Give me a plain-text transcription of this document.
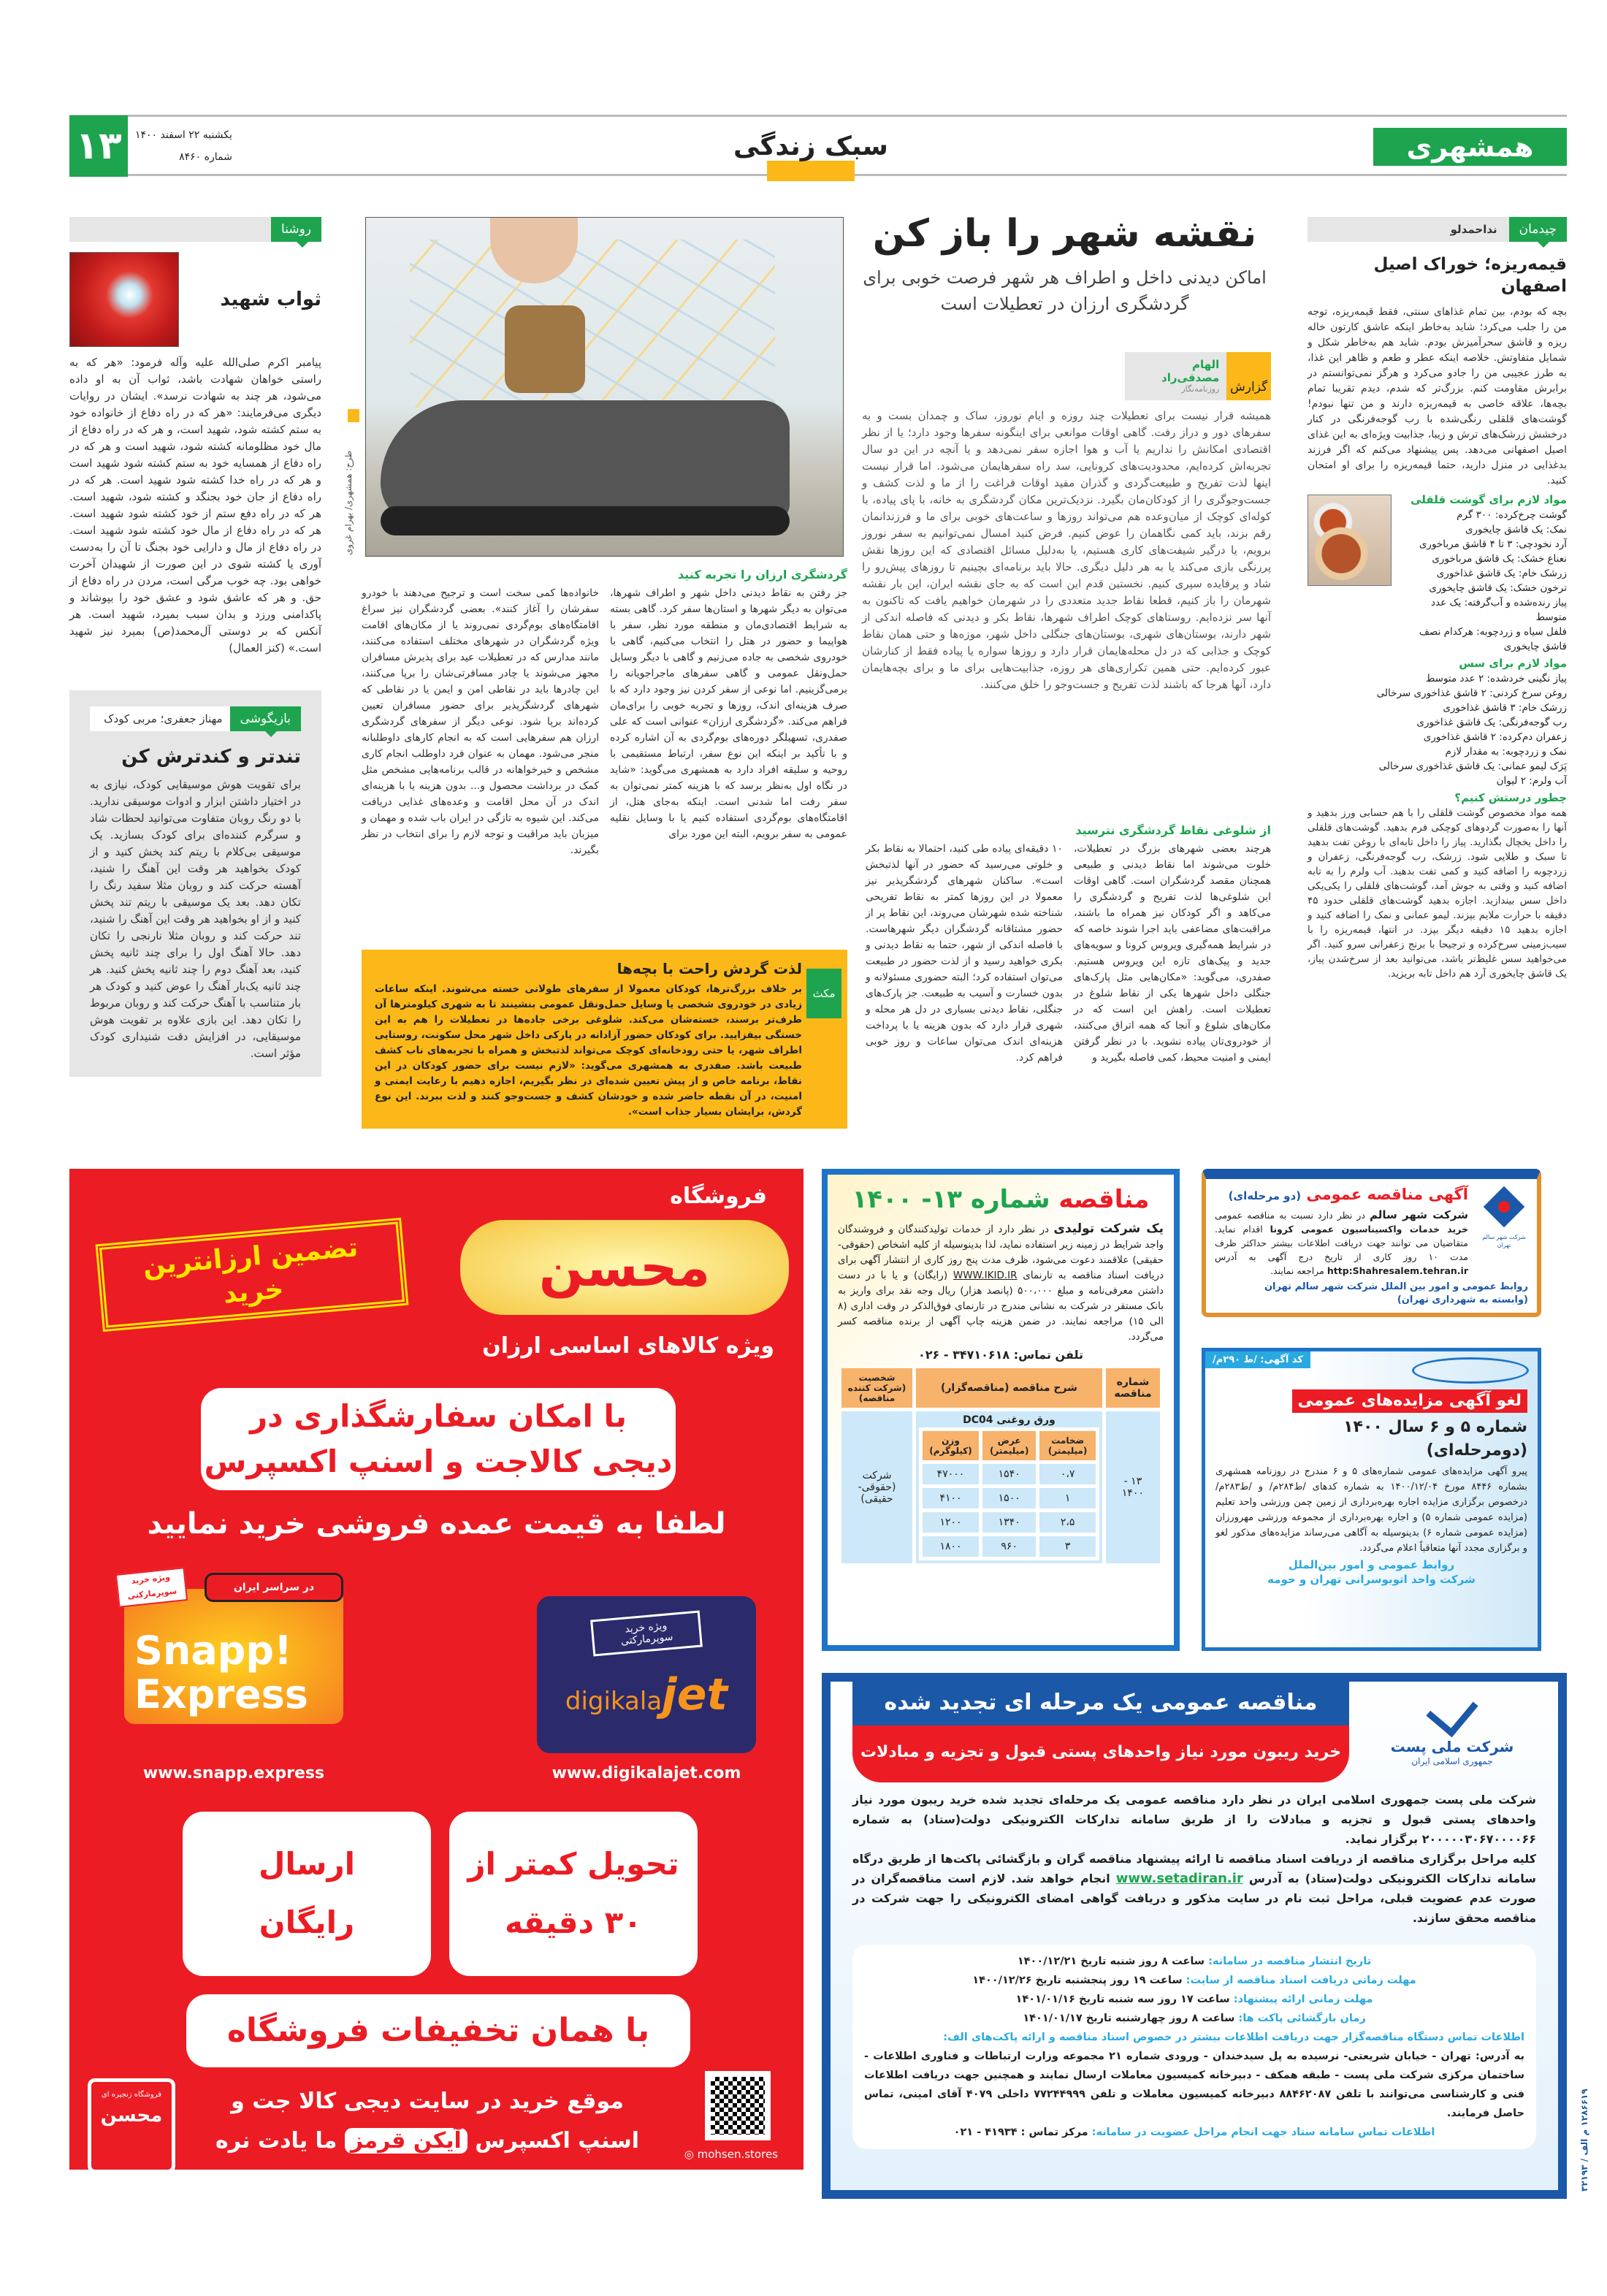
۱۳	یکشنبه ۲۲ اسفند ۱۴۰۰
شماره ۸۴۶۰	سبک زندگی	همشهری
روشنا
ثواب شهید
پیامبر اکرم صلی‌الله علیه وآله فرمود: «هر که به راستی خواهان شهادت باشد، ثواب آن به او داده می‌شود، هر چند به شهادت نرسد». ایشان در روایات دیگری می‌فرمایند: «هر که در راه دفاع از خانواده خود به ستم کشته شود، شهید است، و هر که در راه دفاع از مال خود مظلومانه کشته شود، شهید است و هر که در راه دفاع از همسایه خود به ستم کشته شود شهید است و هر که در راه خدا کشته شود شهید است. هر که در راه دفاع از جان خود بجنگد و کشته شود، شهید است. هر که در راه دفع ستم از خود کشته شود شهید است. هر که در راه دفاع از مال خود کشته شود شهید است. در راه دفاع از مال و دارایی خود بجنگ تا آن را به‌دست آوری یا کشته شوی در این صورت از شهیدان آخرت خواهی بود. چه خوب مرگی است، مردن در راه دفاع از حق. و هر که عاشق شود و عشق خود را بپوشاند و پاکدامنی ورزد و بدان سبب بمیرد، شهید است. هر آنکس که بر دوستی آل‌محمد(ص) بمیرد نیز شهید است.» (کنز العمال)
بازیگوشی
مهناز جعفری؛ مربی کودک
تندتر و کندترش کن
برای تقویت هوش موسیقایی کودک، نیازی به در اختیار داشتن ابزار و ادوات موسیقی ندارید. با دو رنگ روبان متفاوت می‌توانید لحظات شاد و سرگرم کننده‌ای برای کودک بسازید. یک موسیقی بی‌کلام با ریتم کند پخش کنید و از کودک بخواهید هر وقت این آهنگ را شنید، آهسته حرکت کند و روبان مثلا سفید رنگ را تکان دهد. بعد یک موسیقی با ریتم تند پخش کنید و از او بخواهید هر وقت این آهنگ را شنید، تند حرکت کند و روبان مثلا نارنجی را تکان دهد. حالا آهنگ اول را برای چند ثانیه پخش کنید، بعد آهنگ دوم را چند ثانیه پخش کنید. هر چند ثانیه یک‌بار آهنگ را عوض کنید و کودک هر بار متناسب با آهنگ حرکت کند و روبان مربوط را تکان دهد. این بازی علاوه بر تقویت هوش موسیقایی، در افزایش دقت شنیداری کودک مؤثر است.
طرح: همشهری/ بهرام غروی
نقشه شهر را باز کن
اماکن دیدنی داخل و اطراف هر شهر فرصت خوبی برای گردشگری ارزان در تعطیلات است
گزارش
الهام مصدقی‌راد
روزنامه‌نگار
همیشه قرار نیست برای تعطیلات چند روزه و ایام نوروز، ساک و چمدان بست و به سفرهای دور و دراز رفت. گاهی اوقات موانعی برای اینگونه سفرها وجود دارد؛ یا از نظر اقتصادی امکانش را نداریم یا آب و هوا اجازه سفر نمی‌دهد و یا آنچه در این دو سال تجربه‌اش کرده‌ایم، محدودیت‌های کرونایی، سد راه سفرهایمان می‌شود. اما قرار نیست اینها لذت تفریح و طبیعت‌گردی و گذران مفید اوقات فراغت را از ما و لذت کشف و جست‌وجوگری را از کودکان‌مان بگیرد. نزدیک‌ترین مکان گردشگری به خانه، با پای پیاده، با کوله‌ای کوچک از میان‌وعده هم می‌تواند روزها و ساعت‌های خوبی برای ما و فرزندانمان رقم بزند، باید کمی نگاهمان را عوض کنیم. فرض کنید امسال نمی‌توانیم به سفر نوروز برویم، یا درگیر شیفت‌های کاری هستیم، یا به‌دلیل مسائل اقتصادی که این روزها نقش پررنگی بازی می‌کند یا به هر دلیل دیگری. حالا باید برنامه‌ای بچینیم تا روزهای پیش‌رو را شاد و پرفایده سپری کنیم. نخستین قدم این است که به جای نقشه ایران، این بار نقشه شهرمان را باز کنیم، قطعا نقاط جدید متعددی را در شهرمان خواهیم یافت که تاکنون به آنها سر نزده‌ایم. روستاهای کوچک اطراف شهرها، نقاط بکر و دیدنی که فاصله اندکی از شهر دارند، بوستان‌های شهری، بوستان‌های جنگلی داخل شهر، موزه‌ها و حتی همان نقاط کوچک و جذابی که در دل محله‌هایمان قرار دارد و روزها سواره یا پیاده فقط از کنارشان عبور کرده‌ایم. حتی همین تکراری‌های هر روزه، جذابیت‌هایی برای ما و برای بچه‌هایمان دارد، آنها هرجا که باشند لذت تفریح و جست‌وجو را خلق می‌کنند.
گردشگری ارزان را تجربه کنید
جز رفتن به نقاط دیدنی داخل شهر و اطراف شهرها، می‌توان به دیگر شهرها و استان‌ها سفر کرد. گاهی بسته به شرایط اقتصادی‌مان و منطقه مورد نظر، سفر با هواپیما و حضور در هتل را انتخاب می‌کنیم، گاهی با خودروی شخصی به جاده می‌زنیم و گاهی با دیگر وسایل حمل‌ونقل عمومی و گاهی سفرهای ماجراجویانه را برمی‌گزینیم. اما نوعی از سفر کردن نیز وجود دارد که با صرف هزینه‌ای اندک، روزها و تجربه خوبی را برای‌مان فراهم می‌کند. «گردشگری ارزان» عنوانی است که علی صفدری، تسهیلگر دوره‌های بوم‌گردی به آن اشاره کرده و با تأکید بر اینکه این نوع سفر، ارتباط مستقیمی با روحیه و سلیقه افراد دارد به همشهری می‌گوید: «شاید در نگاه اول به‌نظر برسد که با هزینه کمتر نمی‌توان به سفر رفت اما شدنی است. اینکه به‌جای هتل، از اقامتگاه‌های بوم‌گردی استفاده کنیم یا با وسایل نقلیه عمومی به سفر برویم، البته این مورد برای
خانواده‌ها کمی سخت است و ترجیح می‌دهند با خودرو سفرشان را آغاز کنند». بعضی گردشگران نیز سراغ اقامتگاه‌های بوم‌گردی نمی‌روند یا از مکان‌های اقامت ویژه گردشگران در شهرهای مختلف استفاده می‌کنند، مانند مدارس که در تعطیلات عید برای پذیرش مسافران مجهز می‌شوند یا چادر مسافرتی‌شان را برپا می‌کنند، این چادرها باید در نقاطی امن و ایمن یا در نقاطی که شهرهای گردشگرپذیر برای حضور مسافران تعیین کرده‌اند برپا شود. نوعی دیگر از سفرهای گردشگری ارزان هم سفرهایی است که به انجام کارهای داوطلبانه منجر می‌شود. مهمان به عنوان فرد داوطلب انجام کاری مشخص و خیرخواهانه در قالب برنامه‌هایی مشخص مثل کمک در برداشت محصول و... بدون هزینه یا با هزینه‌ای اندک در آن محل اقامت و وعده‌های غذایی دریافت می‌کند. این شیوه به تازگی در ایران باب شده و مهمان و میزبان باید مراقبت و توجه لازم را برای انتخاب در نظر بگیرند.
از شلوغی نقاط گردشگری نترسید
هرچند بعضی شهرهای بزرگ در تعطیلات، خلوت می‌شوند اما نقاط دیدنی و طبیعی همچنان مقصد گردشگران است. گاهی اوقات این شلوغی‌ها لذت تفریح و گردشگری را می‌کاهد و اگر کودکان نیز همراه ما باشند، مراقبت‌های مضاعفی باید اجرا شوند خاصه که در شرایط همه‌گیری ویروس کرونا و سویه‌های جدید و پیک‌های تازه این ویروس هستیم. صفدری، می‌گوید: «مکان‌هایی مثل پارک‌های جنگلی داخل شهرها یکی از نقاط شلوغ در تعطیلات است. راهش این است که در مکان‌های شلوغ و آنجا که همه اتراق می‌کنند، از خودروی‌تان پیاده نشوید. با در نظر گرفتن ایمنی و امنیت محیط، کمی فاصله بگیرید و
۱۰ دقیقه‌ای پیاده طی کنید، احتمالا به نقاط بکر و خلوتی می‌رسید که حضور در آنها لذتبخش است». ساکنان شهرهای گردشگرپذیر نیز معمولا در این روزها کمتر به نقاط تفریحی شناخته شده شهرشان می‌روند، این نقاط پر از حضور مشتاقانه گردشگران دیگر شهرهاست. با فاصله اندکی از شهر، حتما به نقاط دیدنی و بکری خواهید رسید و از لذت حضور در طبیعت می‌توان استفاده کرد؛ البته حضوری مسئولانه و بدون خسارت و آسیب به طبیعت. جز پارک‌های جنگلی، نقاط دیدنی بسیاری در دل هر محله و شهری قرار دارد که بدون هزینه یا با پرداخت هزینه‌ای اندک می‌توان ساعات و روز خوبی فراهم کرد.
مکث
لذت گردش راحت با بچه‌ها
بر خلاف بزرگ‌ترها، کودکان معمولا از سفرهای طولانی خسته می‌شوند. اینکه ساعات زیادی در خودروی شخصی یا وسایل حمل‌ونقل عمومی بنشینند تا به شهری کیلومترها آن طرف‌تر برسند، خسته‌شان می‌کند. شلوغی برخی جاده‌ها در تعطیلات را هم به این خستگی بیفزایید. برای کودکان حضور آزادانه در پارکی داخل شهر محل سکونت، روستایی اطراف شهر، یا حتی رودخانه‌ای کوچک می‌تواند لذتبخش و همراه با تجربه‌های ناب کشف طبیعت باشد. صفدری به همشهری می‌گوید: «لازم نیست برای حضور کودکان در این نقاط، برنامه خاص و از پیش تعیین شده‌ای در نظر بگیریم، اجازه دهیم با رعایت ایمنی و امنیت، در آن نقطه حاضر شده و خودشان کشف و جست‌وجو کنند و لذت ببرند. این نوع گردش، برایشان بسیار جذاب است».
چیدمان
نداحمدلو
قیمه‌ریزه؛ خوراک اصیل اصفهان
بچه که بودم، بین تمام غذاهای سنتی، فقط قیمه‌ریزه، توجه من را جلب می‌کرد؛ شاید به‌خاطر اینکه عاشق کارتون خاله ریزه و قاشق سحرآمیزش بودم. شاید هم به‌خاطر شکل و شمایل متفاوتش. خلاصه اینکه عطر و طعم و ظاهر این غذا، به طرز عجیبی من را جادو می‌کرد و هرگز نمی‌توانستم در برابرش مقاومت کنم. بزرگ‌تر که شدم، دیدم تقریبا تمام بچه‌ها، علاقه خاصی به قیمه‌ریزه دارند و من تنها نبودم! گوشت‌های قلقلی رنگی‌شده با رب گوجه‌فرنگی در کنار درخشش زرشک‌های ترش و زیبا، جذابیت ویژه‌ای به این غذای اصیل اصفهانی می‌دهد. پس پیشنهاد می‌کنم که اگر فرزند بدغذایی در منزل دارید، حتما قیمه‌ریزه را برای او امتحان کنید.
مواد لازم برای گوشت قلقلی
گوشت چرخ‌کرده: ۳۰۰ گرم
نمک: یک قاشق چایخوری
آرد نخودچی: ۳ تا ۴ قاشق مرباخوری
نعناع خشک: یک قاشق مرباخوری
زرشک خام: یک قاشق غذاخوری
ترخون خشک: یک قاشق چایخوری
پیاز رنده‌شده و آب‌گرفته: یک عدد متوسط
فلفل سیاه و زردچوبه: هرکدام نصف قاشق چایخوری
مواد لازم برای سس
پیاز نگینی خردشده: ۲ عدد متوسط
روغن سرخ کردنی: ۲ قاشق غذاخوری سرخالی
زرشک خام: ۳ قاشق غذاخوری
رب گوجه‌فرنگی: یک قاشق غذاخوری
زعفران دم‌کرده: ۲ قاشق غذاخوری
نمک و زردچوبه: به مقدار لازم
پَرَک لیمو عمانی: یک قاشق غذاخوری سرخالی
آب ولرم: ۲ لیوان
چطور درستش کنیم؟
همه مواد مخصوص گوشت قلقلی را با هم حسابی ورز بدهید و آنها را به‌صورت گردوهای کوچکی فرم بدهید. گوشت‌های قلقلی را داخل یخچال بگذارید. پیاز را داخل تابه‌ای با روغن تفت بدهید تا سبک و طلایی شود. زرشک، رب گوجه‌فرنگی، زعفران و زردچوبه را اضافه کنید و کمی تفت بدهید. آب ولرم را به تابه اضافه کنید و وقتی به جوش آمد، گوشت‌های قلقلی را یکی‌یکی داخل سس بیندازید. اجازه بدهید گوشت‌های قلقلی حدود ۴۵ دقیقه با حرارت ملایم بپزند. لیمو عمانی و نمک را اضافه کنید و اجازه بدهید ۱۵ دقیقه دیگر بپزد. در انتها، قیمه‌ریزه را با سیب‌زمینی سرخ‌کرده و ترجیحا با برنج زعفرانی سرو کنید. اگر می‌خواهید سس غلیظ‌تر باشد، می‌توانید بعد از سرخ‌شدن پیاز، یک قاشق چایخوری آرد هم داخل تابه بریزید.
فروشگاه
محسن
ویژه کالاهای اساسی ارزان
تضمین ارزانترین خرید
با امکان سفارشگذاری در
دیجی کالاجت و اسنپ اکسپرس
لطفا به قیمت عمده فروشی خرید نمایید
Snapp!
Express
در سراسر ایران
ویژه خرید سوپرمارکتی
www.snapp.express
ویژه خرید سوپرمارکتی
digikalajet
www.digikalajet.com
تحویل کمتر از
۳۰ دقیقه
ارسال
رایگان
با همان تخفیفات فروشگاه
موقع خرید در سایت دیجی کالا جت و
اسنپ اکسپرس آیکن قرمز ما یادت نره
فروشگاه زنجیره ای
محسن
◎ mohsen.stores
مناقصه شماره ۱۳- ۱۴۰۰
یک شرکت تولیدی در نظر دارد از خدمات تولیدکنندگان و فروشندگان واجد شرایط در زمینه زیر استفاده نماید، لذا بدینوسیله از کلیه اشخاص (حقوقی-حقیقی) علاقمند دعوت می‌شود، ظرف مدت پنج روز کاری از انتشار آگهی برای دریافت اسناد مناقصه به تارنمای WWW.IKID.IR (رایگان) و یا با در دست داشتن معرفی‌نامه و مبلغ ۵۰۰،۰۰۰ (پانصد هزار) ریال وجه نقد برای واریز به بانک مستقر در شرکت به نشانی مندرج در تارنمای فوق‌الذکر در وقت اداری (۸ الی ۱۵) مراجعه نمایند. در ضمن هزینه چاپ آگهی از برنده مناقصه کسر می‌گردد.
تلفن تماس: ۳۴۷۱۰۶۱۸ - ۰۲۶
شماره مناقصه	شرح مناقصه (مناقصه‌گزار)	شخصیت (شرکت کننده مناقصه)
۱۳ - ۱۴۰۰	
ورق روغنی DC04
ضخامت (میلیمتر)	عرض (میلیمتر)	وزن (کیلوگرم)
۰،۷	۱۵۴۰	۴۷۰۰۰
۱	۱۵۰۰	۴۱۰۰
۲،۵	۱۳۴۰	۱۲۰۰
۳	۹۶۰	۱۸۰۰
	شرکت (حقوقی- حقیقی)
شرکت شهر سالم تهران
آگهی مناقصه عمومی (دو مرحله‌ای)
شرکت شهر سالم در نظر دارد نسبت به مناقصه عمومی خرید خدمات واکسیناسیون عمومی کرونا اقدام نماید. متقاضیان می توانند جهت دریافت اطلاعات بیشتر حداکثر ظرف مدت ۱۰ روز کاری از تاریخ درج آگهی به آدرس http:Shahresalem.tehran.ir مراجعه نمایند.
روابط عمومی و امور بین الملل شرکت شهر سالم تهران
(وابسته به شهرداری تهران)
کد آگهی: /ط ۲۹۰م/
لغو آگهی مزایده‌های عمومی
شماره ۵ و ۶ سال ۱۴۰۰
(دومرحله‌ای)
پیرو آگهی مزایده‌های عمومی شماره‌های ۵ و ۶ مندرج در روزنامه همشهری بشماره ۸۴۴۶ مورخ ۱۴۰۰/۱۲/۰۴ به شماره کدهای /ط۲۸۴م/ و /ط۲۸۳م/ درخصوص برگزاری مزایده اجاره بهره‌برداری از زمین چمن ورزشی واحد تعلیم (مزایده عمومی شماره ۵) و اجاره بهره‌برداری از مجموعه ورزشی مهرورزان (مزایده عمومی شماره ۶) بدینوسیله به آگاهی می‌رساند مزایده‌های مذکور لغو و برگزاری مجدد آنها متعاقباً اعلام می‌گردد.
روابط عمومی و امور بین‌الملل
شرکت واحد اتوبوسرانی تهران و حومه
شرکت ملی پست
جمهوری اسلامی ایران
مناقصه عمومی یک مرحله ای تجدید شده
خرید ریبون مورد نیاز واحدهای پستی قبول و تجزیه و مبادلات
شرکت ملی پست جمهوری اسلامی ایران در نظر دارد مناقصه عمومی یک مرحله‌ای تجدید شده خرید ریبون مورد نیاز واحدهای پستی قبول و تجزیه و مبادلات را از طریق سامانه تدارکات الکترونیکی دولت(ستاد) به شماره ۲۰۰۰۰۰۳۰۶۷۰۰۰۰۶۶ برگزار نماید.
کلیه مراحل برگزاری مناقصه از دریافت اسناد مناقصه تا ارائه پیشنهاد مناقصه گران و بازگشائی پاکت‌ها از طریق درگاه سامانه تدارکات الکترونیکی دولت(ستاد) به آدرس www.setadiran.ir انجام خواهد شد. لازم است مناقصه‌گران در صورت عدم عضویت قبلی، مراحل ثبت نام در سایت مذکور و دریافت گواهی امضای الکترونیکی را جهت شرکت در مناقصه محقق سازند.
تاریخ انتشار مناقصه در سامانه: ساعت ۸ روز شنبه تاریخ ۱۴۰۰/۱۲/۲۱
مهلت زمانی دریافت اسناد مناقصه از سایت: ساعت ۱۹ روز پنجشنبه تاریخ ۱۴۰۰/۱۲/۲۶
مهلت زمانی ارائه پیشنهاد: ساعت ۱۷ روز سه شنبه تاریخ ۱۴۰۱/۰۱/۱۶
زمان بازگشائی پاکت ها: ساعت ۸ روز چهارشنبه تاریخ ۱۴۰۱/۰۱/۱۷
اطلاعات تماس دستگاه مناقصه‌گزار جهت دریافت اطلاعات بیشتر در خصوص اسناد مناقصه و ارائه پاکت‌های الف:
به آدرس: تهران - خیابان شریعتی- نرسیده به پل سیدخندان - ورودی شماره ۲۱ مجموعه وزارت ارتباطات و فناوری اطلاعات - ساختمان مرکزی شرکت ملی پست - طبقه همکف - دبیرخانه کمیسیون معاملات ارسال نمایند و همچنین جهت دریافت اطلاعات فنی و کارشناسی می‌توانند با تلفن ۸۸۴۶۲۰۸۷ دبیرخانه کمیسیون معاملات و تلفن ۷۷۲۴۴۹۹۹ داخلی ۴۰۷۹ آقای امینی، تماس حاصل فرمایند.
اطلاعات تماس سامانه ستاد جهت انجام مراحل عضویت در سامانه: مرکز تماس : ۴۱۹۳۴ - ۰۲۱
۱۲۸۶۶۱۹ م الف / ۳۲۱۹۳
